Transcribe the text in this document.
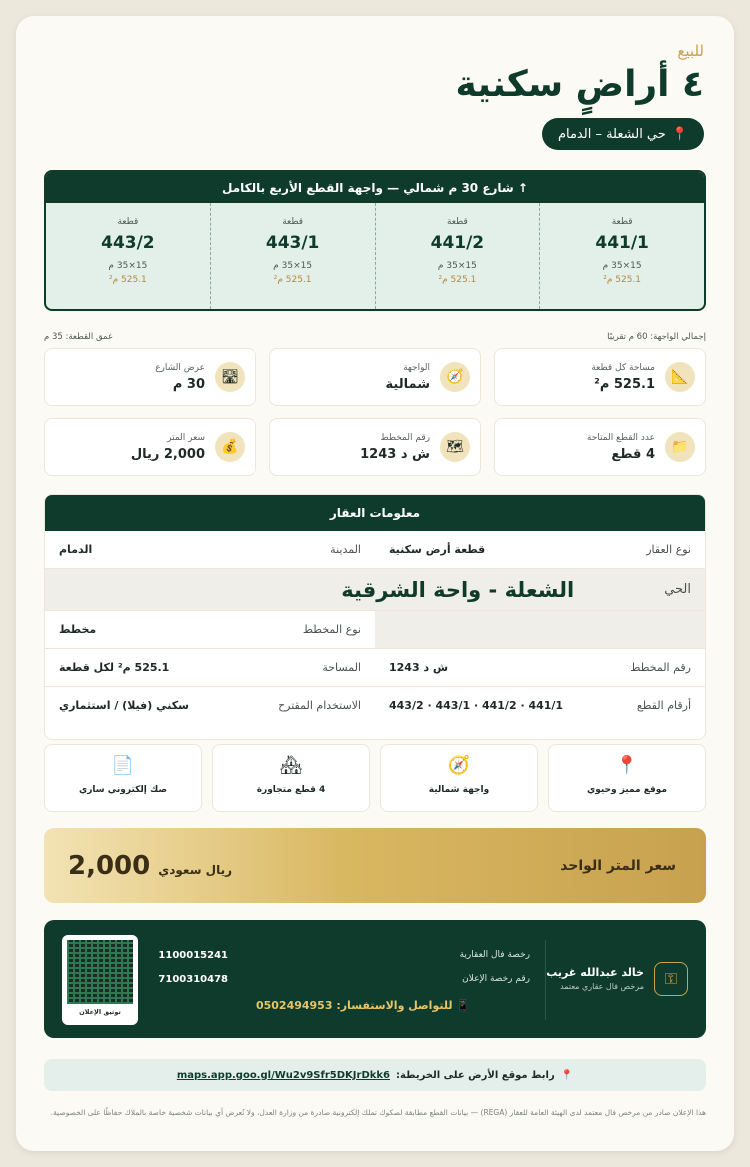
للبيع
٤ أراضٍ سكنية
📍
حي الشعلة – الدمام
↑ شارع 30 م شمالي — واجهة القطع الأربع بالكامل
قطعة
441/1
15×35 م
525.1 م²
قطعة
441/2
15×35 م
525.1 م²
قطعة
443/1
15×35 م
525.1 م²
قطعة
443/2
15×35 م
525.1 م²
إجمالي الواجهة: 60 م تقريبًا
عمق القطعة: 35 م
📐
مساحة كل قطعة
525.1 م²
🧭
الواجهة
شمالية
🛣
عرض الشارع
30 م
📁
عدد القطع المتاحة
4 قطع
🗺
رقم المخطط
ش د 1243
💰
سعر المتر
2,000 ريال
معلومات العقار
نوع العقار
قطعة أرض سكنية
المدينة
الدمام
الحي
الشعلة - واحة الشرقية
نوع المخطط
مخطط
رقم المخطط
ش د 1243
المساحة
525.1 م² لكل قطعة
أرقام القطع
441/1 · 441/2 · 443/1 · 443/2
الاستخدام المقترح
سكني (فيلا) / استثماري
📍
موقع مميز وحيوي
🧭
واجهة شمالية
🏘
4 قطع متجاورة
📄
صك إلكتروني ساري
سعر المتر الواحد
ريال سعودي
2,000
⚿
خالد عبدالله غريب
مرخص فال عقاري معتمد
رخصة فال العقارية
1100015241
رقم رخصة الإعلان
7100310478
📱 للتواصل والاستفسار: 0502494953
توثيق الإعلان
📍
رابط موقع الأرض على الخريطة:
maps.app.goo.gl/Wu2v9Sfr5DKJrDkk6
هذا الإعلان صادر من مرخص فال معتمد لدى الهيئة العامة للعقار (REGA) — بيانات القطع مطابقة لصكوك تملك إلكترونية صادرة من وزارة العدل، ولا تُعرض أي بيانات شخصية خاصة بالملاك حفاظًا على الخصوصية.
